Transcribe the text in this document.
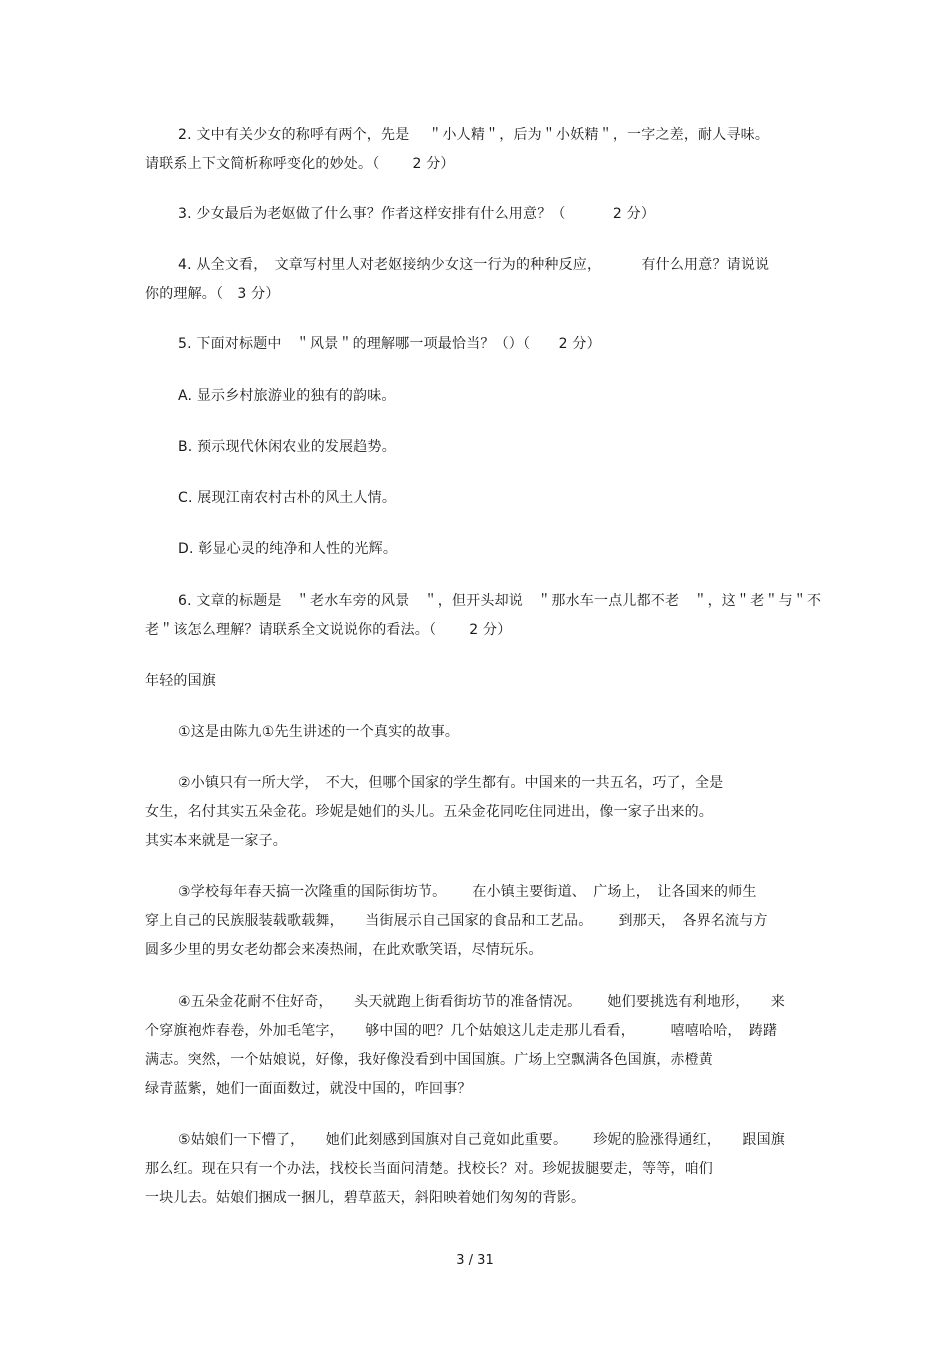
2. 文中有关少女的称呼有两个，先是　 ＂小人精＂，后为＂小妖精＂，一字之差，耐人寻味。
请联系上下文简析称呼变化的妙处。（　　 2 分）
3. 少女最后为老妪做了什么事？作者这样安排有什么用意？（　　　 2 分）
4. 从全文看，　文章写村里人对老妪接纳少女这一行为的种种反应，　　　 有什么用意？请说说
你的理解。（　3 分）
5. 下面对标题中　＂风景＂的理解哪一项最恰当？（）（　　2 分）
A. 显示乡村旅游业的独有的韵味。
B. 预示现代休闲农业的发展趋势。
C. 展现江南农村古朴的风土人情。
D. 彰显心灵的纯净和人性的光辉。
6. 文章的标题是　＂老水车旁的风景　＂，但开头却说　＂那水车一点儿都不老　＂，这＂老＂与＂不
老＂该怎么理解？请联系全文说说你的看法。（　　 2 分）
年轻的国旗
①这是由陈九①先生讲述的一个真实的故事。
②小镇只有一所大学，　不大，但哪个国家的学生都有。中国来的一共五名，巧了，全是
女生，名付其实五朵金花。珍妮是她们的头儿。五朵金花同吃住同进出，像一家子出来的。
其实本来就是一家子。
③学校每年春天搞一次隆重的国际街坊节。　　 在小镇主要街道、　广场上，　让各国来的师生
穿上自己的民族服装载歌载舞，　　当街展示自己国家的食品和工艺品。　　 到那天，　各界名流与方
圆多少里的男女老幼都会来凑热闹，在此欢歌笑语，尽情玩乐。
④五朵金花耐不住好奇，　　头天就跑上街看街坊节的准备情况。　　 她们要挑选有利地形，　　来
个穿旗袍炸春卷，外加毛笔字，　　够中国的吧？几个姑娘这儿走走那儿看看，　　　嘻嘻哈哈，　踌躇
满志。突然，一个姑娘说，好像，我好像没看到中国国旗。广场上空飘满各色国旗，赤橙黄
绿青蓝紫，她们一面面数过，就没中国的，咋回事？
⑤姑娘们一下懵了，　　她们此刻感到国旗对自己竟如此重要。　　 珍妮的脸涨得通红，　　跟国旗
那么红。现在只有一个办法，找校长当面问清楚。找校长？对。珍妮拔腿要走，等等，咱们
一块儿去。姑娘们捆成一捆儿，碧草蓝天，斜阳映着她们匆匆的背影。
3 / 31
